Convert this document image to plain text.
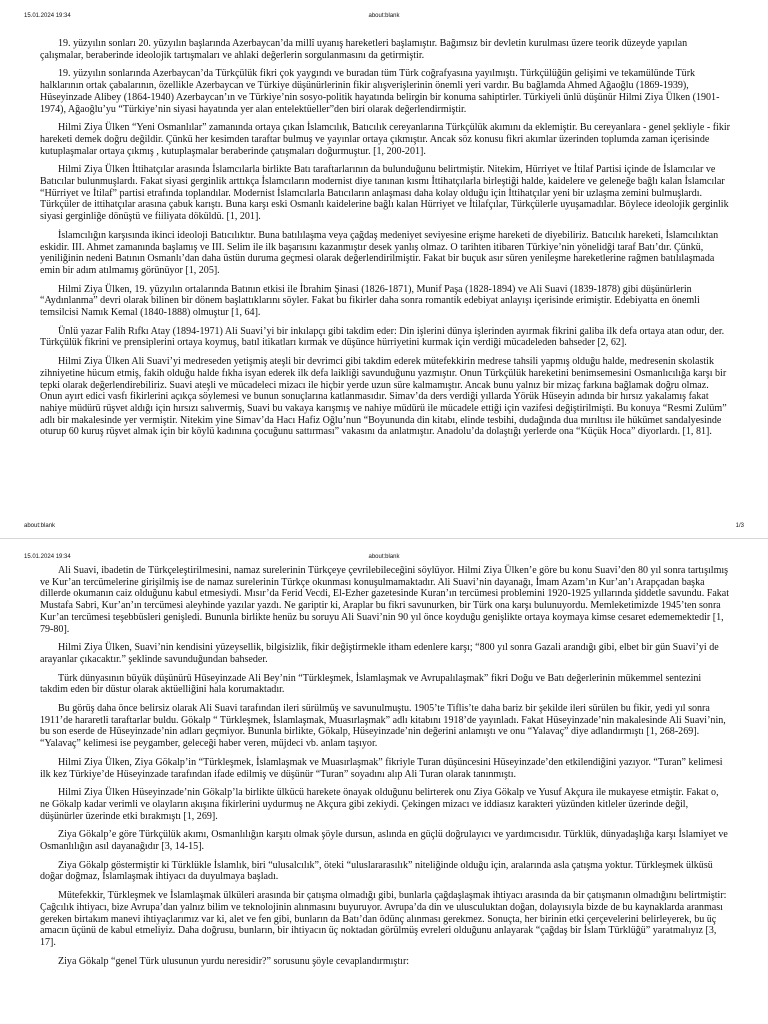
15.01.2024 19:34	about:blank

19. yüzyılın sonları 20. yüzyılın başlarında Azerbaycan’da millî uyanış hareketleri başlamıştır. Bağımsız bir devletin kurulması üzere teorik düzeyde yapılan çalışmalar, beraberinde ideolojik tartışmaları ve ahlaki değerlerin sorgulanmasını da getirmiştir.

19. yüzyılın sonlarında Azerbaycan’da Türkçülük fikri çok yaygındı ve buradan tüm Türk coğrafyasına yayılmıştı. Türkçülüğün gelişimi ve tekamülünde Türk halklarının ortak çabalarının, özellikle Azerbaycan ve Türkiye düşünürlerinin fikir alışverişlerinin önemli yeri vardır. Bu bağlamda Ahmed Ağaoğlu (1869-1939), Hüseyinzade Alibey (1864-1940) Azerbaycan’ın ve Türkiye’nin sosyo-politik hayatında belirgin bir konuma sahiptirler. Türkiyeli ünlü düşünür Hilmi Ziya Ülken (1901-1974), Ağaoğlu’yu “Türkiye’nin siyasi hayatında yer alan entelektüeller”den biri olarak değerlendirmiştir.

Hilmi Ziya Ülken “Yeni Osmanlılar” zamanında ortaya çıkan İslamcılık, Batıcılık cereyanlarına Türkçülük akımını da eklemiştir. Bu cereyanlara - genel şekliyle - fikir hareketi demek doğru değildir. Çünkü her kesimden taraftar bulmuş ve yayınlar ortaya çıkmıştır. Ancak söz konusu fikri akımlar üzerinden toplumda zaman içerisinde kutuplaşmalar ortaya çıkmış , kutuplaşmalar beraberinde çatışmaları doğurmuştur. [1, 200-201].

Hilmi Ziya Ülken İttihatçılar arasında İslamcılarla birlikte Batı taraftarlarının da bulunduğunu belirtmiştir. Nitekim, Hürriyet ve İtilaf Partisi içinde de İslamcılar ve Batıcılar bulunmuşlardı. Fakat siyasi gerginlik arttıkça İslamcıların modernist diye tanınan kısmı İttihatçılarla birleştiği halde, kaidelere ve geleneğe bağlı kalan İslamcılar “Hürriyet ve İtilaf” partisi etrafında toplandılar. Modernist İslamcılarla Batıcıların anlaşması daha kolay olduğu için İttihatçılar yeni bir uzlaşma zemini bulmuşlardı. Türkçüler de ittihatçılar arasına çabuk karıştı. Buna karşı eski Osmanlı kaidelerine bağlı kalan Hürriyet ve İtilafçılar, Türkçülerle uyuşamadılar. Böylece ideolojik gerginlik siyasi gerginliğe dönüştü ve fiiliyata döküldü. [1, 201].

İslamcılığın karşısında ikinci ideoloji Batıcılıktır. Buna batılılaşma veya çağdaş medeniyet seviyesine erişme hareketi de diyebiliriz. Batıcılık hareketi, İslamcılıktan eskidir. III. Ahmet zamanında başlamış ve III. Selim ile ilk başarısını kazanmıştır desek yanlış olmaz. O tarihten itibaren Türkiye’nin yönelidği taraf Batı’dır. Çünkü, yeniliğinin nedeni Batının Osmanlı’dan daha üstün duruma geçmesi olarak değerlendirilmiştir. Fakat bir buçuk asır süren yenileşme hareketlerine rağmen batılılaşmada emin bir adım atılmamış görünüyor [1, 205].

Hilmi Ziya Ülken, 19. yüzyılın ortalarında Batının etkisi ile İbrahim Şinasi (1826-1871), Munif Paşa (1828-1894) ve Ali Suavi (1839-1878) gibi düşünürlerin “Aydınlanma” devri olarak bilinen bir dönem başlattıklarını söyler. Fakat bu fikirler daha sonra romantik edebiyat anlayışı içerisinde erimiştir. Edebiyatta en önemli temsilcisi Namık Kemal (1840-1888) olmuştur [1, 64].

Ünlü yazar Falih Rıfkı Atay (1894-1971) Ali Suavi’yi bir inkılapçı gibi takdim eder: Din işlerini dünya işlerinden ayırmak fikrini galiba ilk defa ortaya atan odur, der. Türkçülük fikrini ve prensiplerini ortaya koymuş, batıl itikatları kırmak ve düşünce hürriyetini kurmak için verdiği mücadeleden bahseder [2, 62].

Hilmi Ziya Ülken Ali Suavi’yi medreseden yetişmiş ateşli bir devrimci gibi takdim ederek mütefekkirin medrese tahsili yapmış olduğu halde, medresenin skolastik zihniyetine hücum etmiş, fakih olduğu halde fıkha isyan ederek ilk defa laikliği savunduğunu yazmıştır. Onun Türkçülük hareketini benimsemesini Osmanlıcılığa karşı bir tepki olarak değerlendirebiliriz. Suavi ateşli ve mücadeleci mizacı ile hiçbir yerde uzun süre kalmamıştır. Ancak bunu yalnız bir mizaç farkına bağlamak doğru olmaz. Onun ayırt edici vasfı fikirlerini açıkça söylemesi ve bunun sonuçlarına katlanmasıdır. Simav’da ders verdiği yıllarda Yörük Hüseyin adında bir hırsız yakalamış fakat nahiye müdürü rüşvet aldığı için hırsızı salıvermiş, Suavi bu vakaya karışmış ve nahiye müdürü ile mücadele ettiği için vazifesi değiştirilmişti. Bu konuya “Resmi Zulüm” adlı bir makalesinde yer vermiştir. Nitekim yine Simav’da Hacı Hafiz Oğlu’nun “Boyununda din kitabı, elinde tesbihi, dudağında dua mırıltısı ile hükümet sandalyesinde oturup 60 kuruş rüşvet almak için bir köylü kadınına çocuğunu sattırması” vakasını da anlatmıştır. Anadolu’da dolaştığı yerlerde ona “Küçük Hoca” diyorlardı. [1, 81].

about:blank	1/3
15.01.2024 19:34	about:blank

Ali Suavi, ibadetin de Türkçeleştirilmesini, namaz surelerinin Türkçeye çevrilebileceğini söylüyor. Hilmi Ziya Ülken’e göre bu konu Suavi’den 80 yıl sonra tartışılmış ve Kur’an tercümelerine girişilmiş ise de namaz surelerinin Türkçe okunması konuşulmamaktadır. Ali Suavi’nin dayanağı, İmam Azam’ın Kur’an’ı Arapçadan başka dillerde okumanın caiz olduğunu kabul etmesiydi. Mısır’da Ferid Vecdi, El-Ezher gazetesinde Kuran’ın tercümesi problemini 1920-1925 yıllarında şiddetle savundu. Fakat Mustafa Sabri, Kur’an’ın tercümesi aleyhinde yazılar yazdı. Ne gariptir ki, Araplar bu fikri savunurken, bir Türk ona karşı bulunuyordu. Memleketimizde 1945’ten sonra Kur’an tercümesi teşebbüsleri genişledi. Bununla birlikte henüz bu soruyu Ali Suavi’nin 90 yıl önce koyduğu genişlikte ortaya koymaya kimse cesaret edememektedir [1, 79-80].

Hilmi Ziya Ülken, Suavi’nin kendisini yüzeysellik, bilgisizlik, fikir değiştirmekle itham edenlere karşı; “800 yıl sonra Gazali arandığı gibi, elbet bir gün Suavi’yi de arayanlar çıkacaktır.” şeklinde savunduğundan bahseder.

Türk dünyasının büyük düşünürü Hüseyinzade Ali Bey’nin “Türkleşmek, İslamlaşmak ve Avrupalılaşmak” fikri Doğu ve Batı değerlerinin mükemmel sentezini takdim eden bir düstur olarak aktüelliğini hala korumaktadır.

Bu görüş daha önce belirsiz olarak Ali Suavi tarafından ileri sürülmüş ve savunulmuştu. 1905’te Tiflis’te daha bariz bir şekilde ileri sürülen bu fikir, yedi yıl sonra 1911’de hararetli taraftarlar buldu. Gökalp “ Türkleşmek, İslamlaşmak, Muasırlaşmak” adlı kitabını 1918’de yayınladı. Fakat Hüseyinzade’nin makalesinde Ali Suavi’nin, bu son eserde de Hüseyinzade’nin adları geçmiyor. Bununla birlikte, Gökalp, Hüseyinzade’nin değerini anlamıştı ve onu “Yalavaç” diye adlandırmıştı [1, 268-269]. “Yalavaç” kelimesi ise peygamber, geleceği haber veren, müjdeci vb. anlam taşıyor.

Hilmi Ziya Ülken, Ziya Gökalp’in “Türkleşmek, İslamlaşmak ve Muasırlaşmak” fikriyle Turan düşüncesini Hüseyinzade’den etkilendiğini yazıyor. “Turan” kelimesi ilk kez Türkiye’de Hüseyinzade tarafından ifade edilmiş ve düşünür “Turan” soyadını alıp Ali Turan olarak tanınmıştı.

Hilmi Ziya Ülken Hüseyinzade’nin Gökalp’la birlikte ülkücü harekete önayak olduğunu belirterek onu Ziya Gökalp ve Yusuf Akçura ile mukayese etmiştir. Fakat o, ne Gökalp kadar verimli ve olayların akışına fikirlerini uydurmuş ne Akçura gibi zekiydi. Çekingen mizacı ve iddiasız karakteri yüzünden kitleler üzerinde değil, düşünürler üzerinde etki bırakmıştı [1, 269].

Ziya Gökalp’e göre Türkçülük akımı, Osmanlılığın karşıtı olmak şöyle dursun, aslında en güçlü doğrulayıcı ve yardımcısıdır. Türklük, dünyadaşlığa karşı İslamiyet ve Osmanlılığın asıl dayanağıdır [3, 14-15].

Ziya Gökalp göstermiştir ki Türklükle İslamlık, biri “ulusalcılık”, öteki “uluslararasılık” niteliğinde olduğu için, aralarında asla çatışma yoktur. Türkleşmek ülküsü doğar doğmaz, İslamlaşmak ihtiyacı da duyulmaya başladı.

Mütefekkir, Türkleşmek ve İslamlaşmak ülküleri arasında bir çatışma olmadığı gibi, bunlarla çağdaşlaşmak ihtiyacı arasında da bir çatışmanın olmadığını belirtmiştir: Çağcılık ihtiyacı, bize Avrupa’dan yalnız bilim ve teknolojinin alınmasını buyuruyor. Avrupa’da din ve ulusculuktan doğan, dolayısıyla bizde de bu kaynaklarda aranması gereken birtakım manevi ihtiyaçlarımız var ki, alet ve fen gibi, bunların da Batı’dan ödünç alınması gerekmez. Sonuçta, her birinin etki çerçevelerini belirleyerek, bu üç amacın üçünü de kabul etmeliyiz. Daha doğrusu, bunların, bir ihtiyacın üç noktadan görülmüş evreleri olduğunu anlayarak “çağdaş bir İslam Türklüğü” yaratmalıyız [3, 17].

Ziya Gökalp “genel Türk ulusunun yurdu neresidir?” sorusunu şöyle cevaplandırmıştır:
